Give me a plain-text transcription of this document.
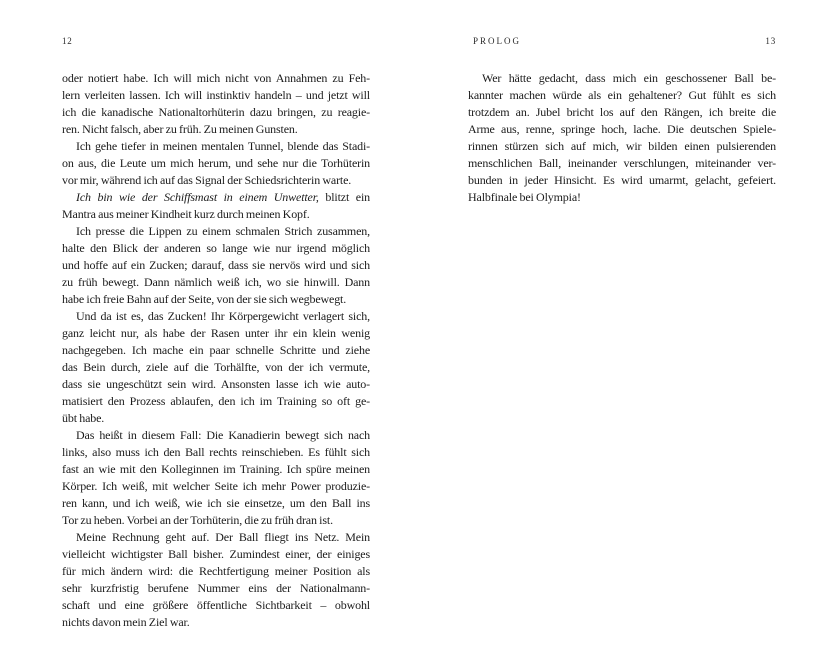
12	PROLOG	13
oder notiert habe. Ich will mich nicht von Annahmen zu Feh-
lern verleiten lassen. Ich will instinktiv handeln – und jetzt will
ich die kanadische Nationaltorhüterin dazu bringen, zu reagie-
ren. Nicht falsch, aber zu früh. Zu meinen Gunsten.
Ich gehe tiefer in meinen mentalen Tunnel, blende das Stadi-
on aus, die Leute um mich herum, und sehe nur die Torhüterin
vor mir, während ich auf das Signal der Schiedsrichterin warte.
Ich bin wie der Schiffsmast in einem Unwetter, blitzt ein
Mantra aus meiner Kindheit kurz durch meinen Kopf.
Ich presse die Lippen zu einem schmalen Strich zusammen,
halte den Blick der anderen so lange wie nur irgend möglich
und hoffe auf ein Zucken; darauf, dass sie nervös wird und sich
zu früh bewegt. Dann nämlich weiß ich, wo sie hinwill. Dann
habe ich freie Bahn auf der Seite, von der sie sich wegbewegt.
Und da ist es, das Zucken! Ihr Körpergewicht verlagert sich,
ganz leicht nur, als habe der Rasen unter ihr ein klein wenig
nachgegeben. Ich mache ein paar schnelle Schritte und ziehe
das Bein durch, ziele auf die Torhälfte, von der ich vermute,
dass sie ungeschützt sein wird. Ansonsten lasse ich wie auto-
matisiert den Prozess ablaufen, den ich im Training so oft ge-
übt habe.
Das heißt in diesem Fall: Die Kanadierin bewegt sich nach
links, also muss ich den Ball rechts reinschieben. Es fühlt sich
fast an wie mit den Kolleginnen im Training. Ich spüre meinen
Körper. Ich weiß, mit welcher Seite ich mehr Power produzie-
ren kann, und ich weiß, wie ich sie einsetze, um den Ball ins
Tor zu heben. Vorbei an der Torhüterin, die zu früh dran ist.
Meine Rechnung geht auf. Der Ball fliegt ins Netz. Mein
vielleicht wichtigster Ball bisher. Zumindest einer, der einiges
für mich ändern wird: die Rechtfertigung meiner Position als
sehr kurzfristig berufene Nummer eins der Nationalmann-
schaft und eine größere öffentliche Sichtbarkeit – obwohl
nichts davon mein Ziel war.
Wer hätte gedacht, dass mich ein geschossener Ball be-
kannter machen würde als ein gehaltener? Gut fühlt es sich
trotzdem an. Jubel bricht los auf den Rängen, ich breite die
Arme aus, renne, springe hoch, lache. Die deutschen Spiele-
rinnen stürzen sich auf mich, wir bilden einen pulsierenden
menschlichen Ball, ineinander verschlungen, miteinander ver-
bunden in jeder Hinsicht. Es wird umarmt, gelacht, gefeiert.
Halbfinale bei Olympia!
